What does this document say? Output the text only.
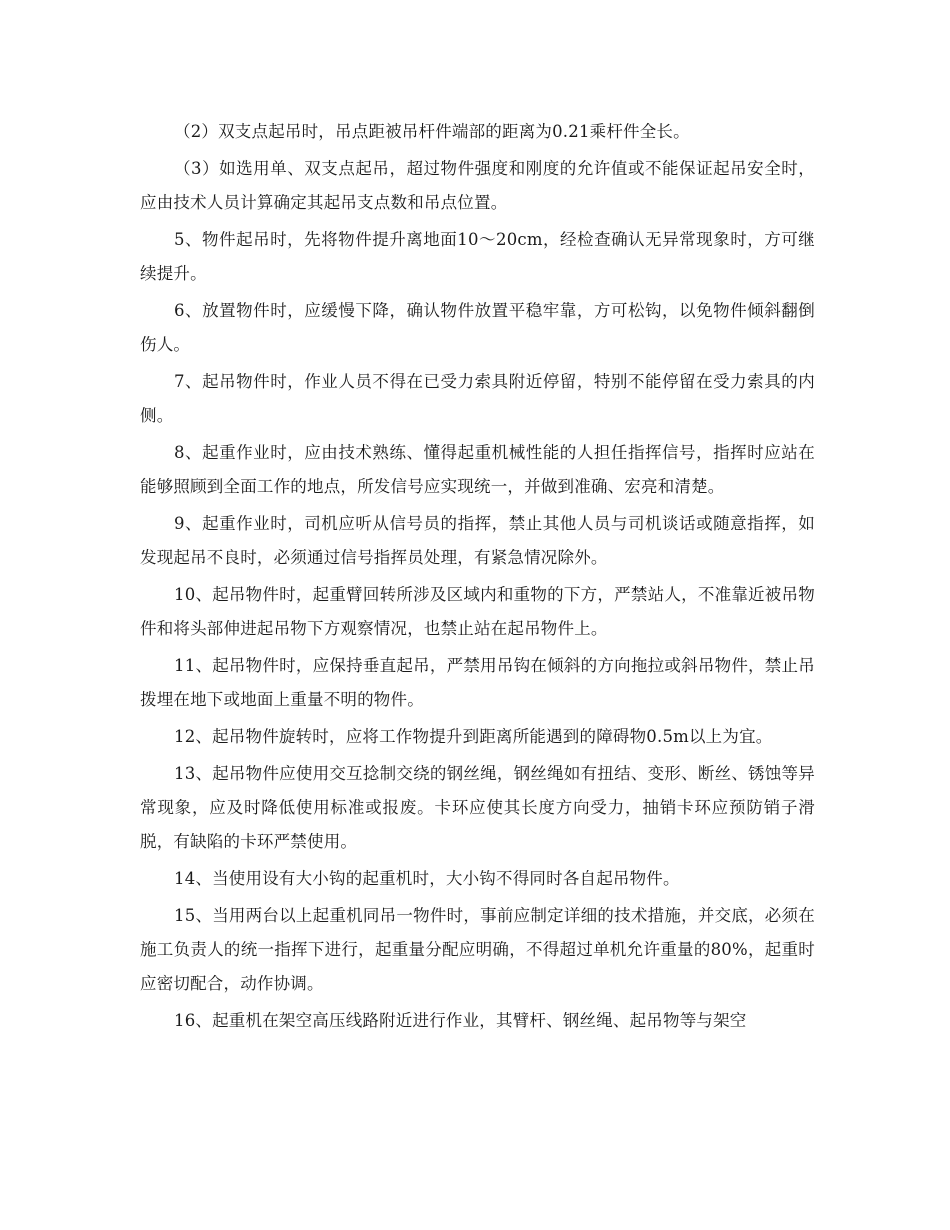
（2）双支点起吊时，吊点距被吊杆件端部的距离为0.21乘杆件全长。

（3）如选用单、双支点起吊，超过物件强度和刚度的允许值或不能保证起吊安全时，应由技术人员计算确定其起吊支点数和吊点位置。

5、物件起吊时，先将物件提升离地面10～20cm，经检查确认无异常现象时，方可继续提升。

6、放置物件时，应缓慢下降，确认物件放置平稳牢靠，方可松钩，以免物件倾斜翻倒伤人。

7、起吊物件时，作业人员不得在已受力索具附近停留，特别不能停留在受力索具的内侧。

8、起重作业时，应由技术熟练、懂得起重机械性能的人担任指挥信号，指挥时应站在能够照顾到全面工作的地点，所发信号应实现统一，并做到准确、宏亮和清楚。

9、起重作业时，司机应听从信号员的指挥，禁止其他人员与司机谈话或随意指挥，如发现起吊不良时，必须通过信号指挥员处理，有紧急情况除外。

10、起吊物件时，起重臂回转所涉及区域内和重物的下方，严禁站人，不准靠近被吊物件和将头部伸进起吊物下方观察情况，也禁止站在起吊物件上。

11、起吊物件时，应保持垂直起吊，严禁用吊钩在倾斜的方向拖拉或斜吊物件，禁止吊拨埋在地下或地面上重量不明的物件。

12、起吊物件旋转时，应将工作物提升到距离所能遇到的障碍物0.5m以上为宜。

13、起吊物件应使用交互捻制交绕的钢丝绳，钢丝绳如有扭结、变形、断丝、锈蚀等异常现象，应及时降低使用标准或报废。卡环应使其长度方向受力，抽销卡环应预防销子滑脱，有缺陷的卡环严禁使用。

14、当使用设有大小钩的起重机时，大小钩不得同时各自起吊物件。

15、当用两台以上起重机同吊一物件时，事前应制定详细的技术措施，并交底，必须在施工负责人的统一指挥下进行，起重量分配应明确，不得超过单机允许重量的80%，起重时应密切配合，动作协调。

16、起重机在架空高压线路附近进行作业，其臂杆、钢丝绳、起吊物等与架空
